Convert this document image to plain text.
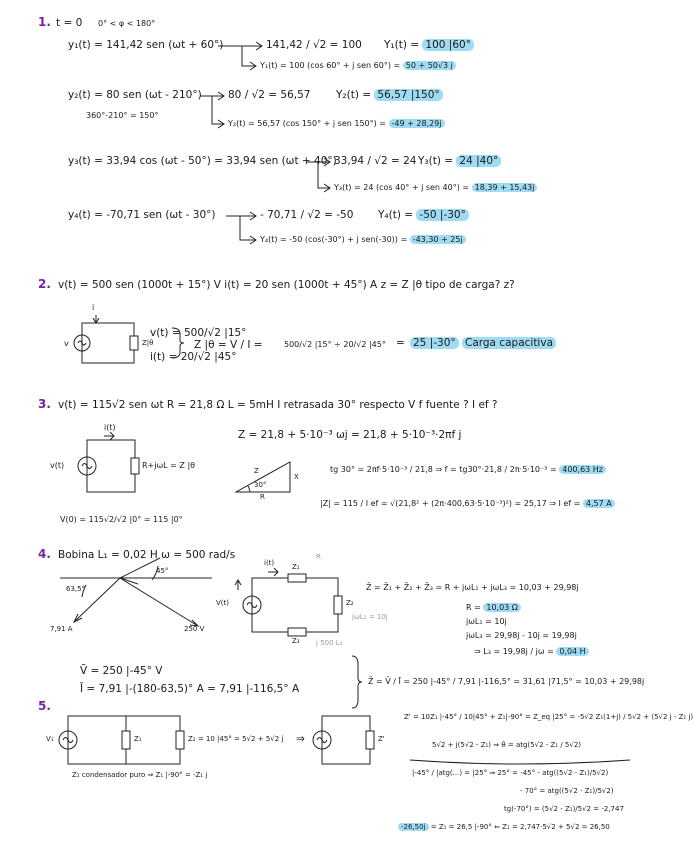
1. t = 0 0° < φ < 180°
y₁(t) = 141,42 sen (ωt + 60°)	141,42 / √2 = 100 Y₁(t) = 100 |60°
Y₁(t) = 100 (cos 60° + j sen 60°) = 50 + 50√3 j
y₂(t) = 80 sen (ωt - 210°)
360°-210° = 150°
80 / √2 = 56,57 Y₂(t) = 56,57 |150°
Y₂(t) = 56,57 (cos 150° + j sen 150°) = -49 + 28,29j
y₃(t) = 33,94 cos (ωt - 50°) = 33,94 sen (ωt + 40°)
33,94 / √2 = 24 Y₃(t) = 24 |40°
Y₃(t) = 24 (cos 40° + j sen 40°) = 18,39 + 15,43j
y₄(t) = -70,71 sen (ωt - 30°)	- 70,71 / √2 = -50 Y₄(t) = -50 |-30°
Y₄(t) = -50 (cos(-30°) + j sen(-30)) = -43,30 + 25j
2. v(t) = 500 sen (1000t + 15°) V i(t) = 20 sen (1000t + 45°) A z = Z |θ tipo de carga? z?
i
v	Z|θ
v(t) = 500/√2 |15°
i(t) = 20/√2 |45°
Z |θ = V / I =	500/√2 |15° ÷ 20/√2 |45° = 25 |-30° Carga capacitiva
3. v(t) = 115√2 sen ωt R = 21,8 Ω L = 5mH I retrasada 30° respecto V f fuente ? I ef ?
i(t)
v(t)	R+jωL = Z |θ
Z = 21,8 + 5·10⁻³ ωj = 21,8 + 5·10⁻³·2πf j
Z
X
R
30°
tg 30° = 2πf·5·10⁻³ / 21,8 ⇒ f = tg30°·21,8 / 2π·5·10⁻³ = 400,63 Hz
|Z| = 115 / I ef = √(21,8² + (2π·400,63·5·10⁻³)²) = 25,17 ⇒ I ef = 4,57 A
V(0) = 115√2/√2 |0° = 115 |0°
4. Bobina L₁ = 0,02 H ω = 500 rad/s
45°
63,5°
7,91 A	250 V
i(t)
V(t)
Z₁
Z₂
Z₃
R
jωL₂ = 10j
j 500 L₃
Z̄ = Z̄₁ + Z̄₂ + Z̄₃ = R + jωL₁ + jωL₃ = 10,03 + 29,98j
R = 10,03 Ω
jωL₁ = 10j
jωL₃ = 29,98j - 10j = 19,98j
⇒ L₃ = 19,98j / jω = 0,04 H
V̄ = 250 |-45° V
Ī = 7,91 |-(180-63,5)° A = 7,91 |-116,5° A
Z̄ = V̄ / Ī = 250 |-45° / 7,91 |-116,5° = 31,61 |71,5° = 10,03 + 29,98j
5.
V₁	Z₁	Z₂ = 10 |45° = 5√2 + 5√2 j ⇒	Z'
Z₁ condensador puro ⇒ Z₁ |-90° = -Z₁ j
Z' = 10Z₁ |-45° / 10|45° + Z₁|-90° = Z_eq |25° = -5√2 Z₁(1+j) / 5√2 + (5√2 j - Z₁ j)
5√2 + j(5√2 - Z₁) ⇒ θ = atg(5√2 - Z₁ / 5√2)
|-45° / |atg(...) = |25° ⇒ 25° = -45° - atg((5√2 - Z₁)/5√2)
- 70° = atg((5√2 - Z₁)/5√2)
tg(-70°) = (5√2 - Z₁)/5√2 = -2,747
-26,50j = Z₁ = 26,5 |-90° ⇐ Z₁ = 2,747·5√2 + 5√2 = 26,50
